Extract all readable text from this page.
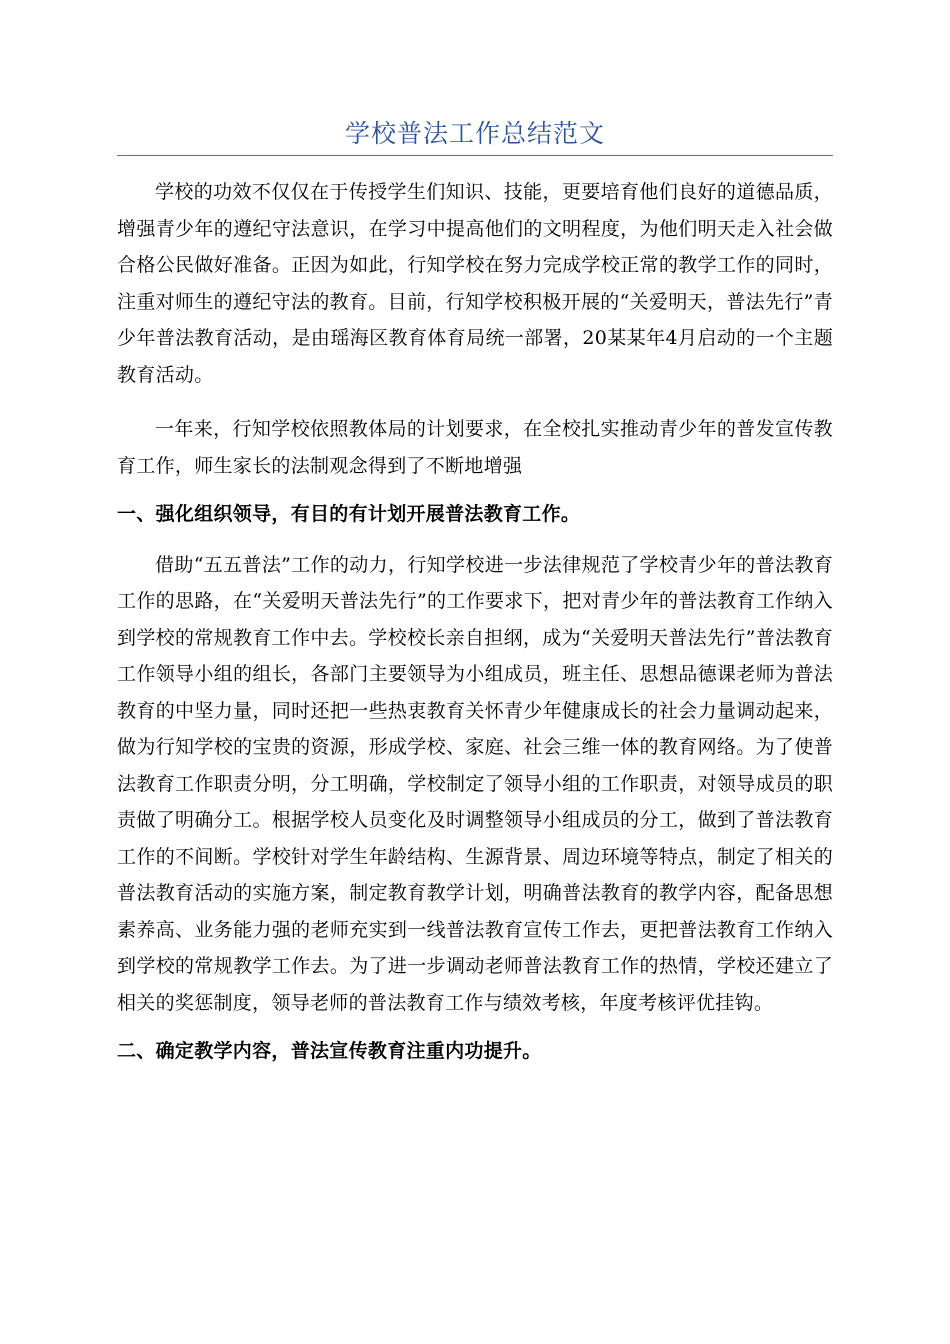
学校普法工作总结范文

学校的功效不仅仅在于传授学生们知识、技能，更要培育他们良好的道德品质，增强青少年的遵纪守法意识，在学习中提高他们的文明程度，为他们明天走入社会做合格公民做好准备。正因为如此，行知学校在努力完成学校正常的教学工作的同时，注重对师生的遵纪守法的教育。目前，行知学校积极开展的“关爱明天，普法先行”青少年普法教育活动，是由瑶海区教育体育局统一部署，20某某年4月启动的一个主题教育活动。

一年来，行知学校依照教体局的计划要求，在全校扎实推动青少年的普发宣传教育工作，师生家长的法制观念得到了不断地增强

一、强化组织领导，有目的有计划开展普法教育工作。

借助“五五普法”工作的动力，行知学校进一步法律规范了学校青少年的普法教育工作的思路，在“关爱明天普法先行”的工作要求下，把对青少年的普法教育工作纳入到学校的常规教育工作中去。学校校长亲自担纲，成为“关爱明天普法先行”普法教育工作领导小组的组长，各部门主要领导为小组成员，班主任、思想品德课老师为普法教育的中坚力量，同时还把一些热衷教育关怀青少年健康成长的社会力量调动起来，做为行知学校的宝贵的资源，形成学校、家庭、社会三维一体的教育网络。为了使普法教育工作职责分明，分工明确，学校制定了领导小组的工作职责，对领导成员的职责做了明确分工。根据学校人员变化及时调整领导小组成员的分工，做到了普法教育工作的不间断。学校针对学生年龄结构、生源背景、周边环境等特点，制定了相关的普法教育活动的实施方案，制定教育教学计划，明确普法教育的教学内容，配备思想素养高、业务能力强的老师充实到一线普法教育宣传工作去，更把普法教育工作纳入到学校的常规教学工作去。为了进一步调动老师普法教育工作的热情，学校还建立了相关的奖惩制度，领导老师的普法教育工作与绩效考核，年度考核评优挂钩。

二、确定教学内容，普法宣传教育注重内功提升。
